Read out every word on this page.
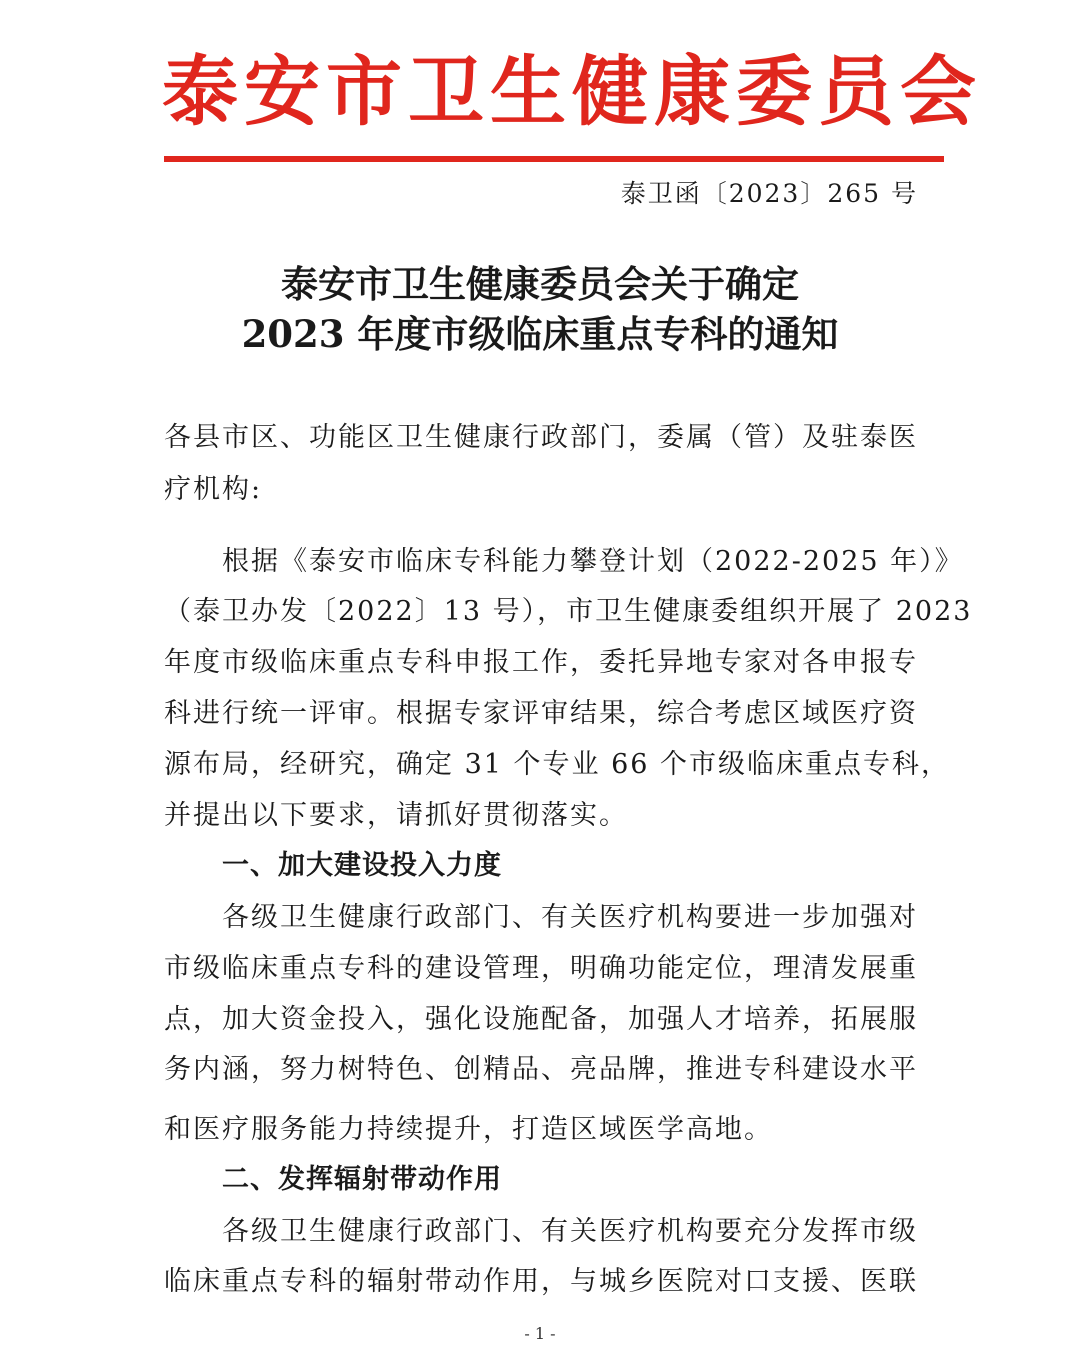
泰安市卫生健康委员会
泰卫函〔2023〕265 号
泰安市卫生健康委员会关于确定
2023 年度市级临床重点专科的通知
各县市区、功能区卫生健康行政部门，委属（管）及驻泰医
疗机构:
根据《泰安市临床专科能力攀登计划（2022-2025 年）》
（泰卫办发〔2022〕13 号），市卫生健康委组织开展了 2023
年度市级临床重点专科申报工作，委托异地专家对各申报专
科进行统一评审。根据专家评审结果，综合考虑区域医疗资
源布局，经研究，确定 31 个专业 66 个市级临床重点专科，
并提出以下要求，请抓好贯彻落实。
一、加大建设投入力度
各级卫生健康行政部门、有关医疗机构要进一步加强对
市级临床重点专科的建设管理，明确功能定位，理清发展重
点，加大资金投入，强化设施配备，加强人才培养，拓展服
务内涵，努力树特色、创精品、亮品牌，推进专科建设水平
和医疗服务能力持续提升，打造区域医学高地。
二、发挥辐射带动作用
各级卫生健康行政部门、有关医疗机构要充分发挥市级
临床重点专科的辐射带动作用，与城乡医院对口支援、医联
- 1 -
